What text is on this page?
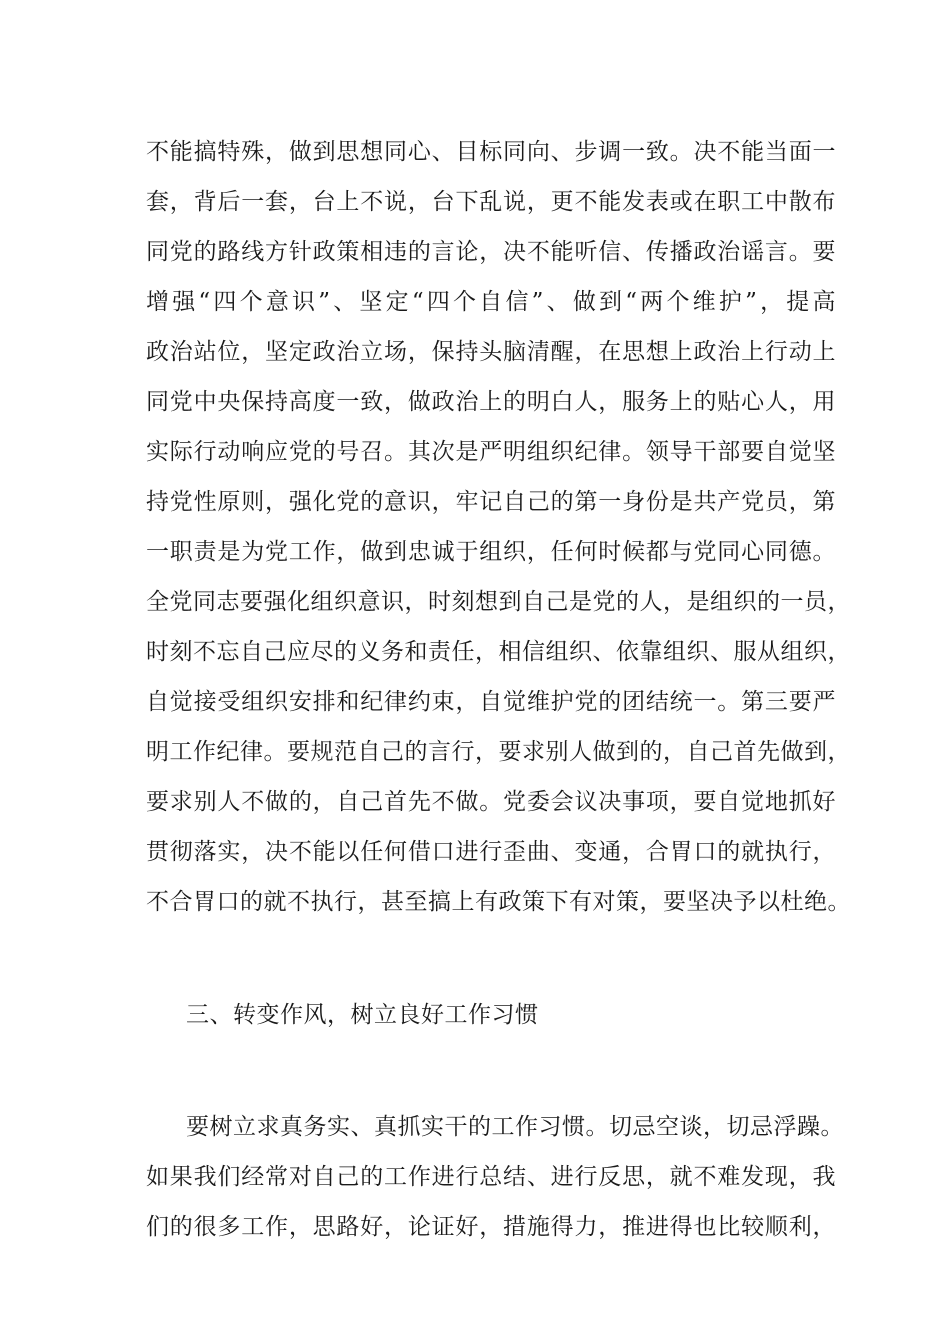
不能搞特殊，做到思想同心、目标同向、步调一致。决不能当面一
套，背后一套，台上不说，台下乱说，更不能发表或在职工中散布
同党的路线方针政策相违的言论，决不能听信、传播政治谣言。要
增强“四个意识”、坚定“四个自信”、做到“两个维护”，提高
政治站位，坚定政治立场，保持头脑清醒，在思想上政治上行动上
同党中央保持高度一致，做政治上的明白人，服务上的贴心人，用
实际行动响应党的号召。其次是严明组织纪律。领导干部要自觉坚
持党性原则，强化党的意识，牢记自己的第一身份是共产党员，第
一职责是为党工作，做到忠诚于组织，任何时候都与党同心同德。
全党同志要强化组织意识，时刻想到自己是党的人，是组织的一员，
时刻不忘自己应尽的义务和责任，相信组织、依靠组织、服从组织，
自觉接受组织安排和纪律约束，自觉维护党的团结统一。第三要严
明工作纪律。要规范自己的言行，要求别人做到的，自己首先做到，
要求别人不做的，自己首先不做。党委会议决事项，要自觉地抓好
贯彻落实，决不能以任何借口进行歪曲、变通，合胃口的就执行，
不合胃口的就不执行，甚至搞上有政策下有对策，要坚决予以杜绝。
三、转变作风，树立良好工作习惯
要树立求真务实、真抓实干的工作习惯。切忌空谈，切忌浮躁。
如果我们经常对自己的工作进行总结、进行反思，就不难发现，我
们的很多工作，思路好，论证好，措施得力，推进得也比较顺利，
